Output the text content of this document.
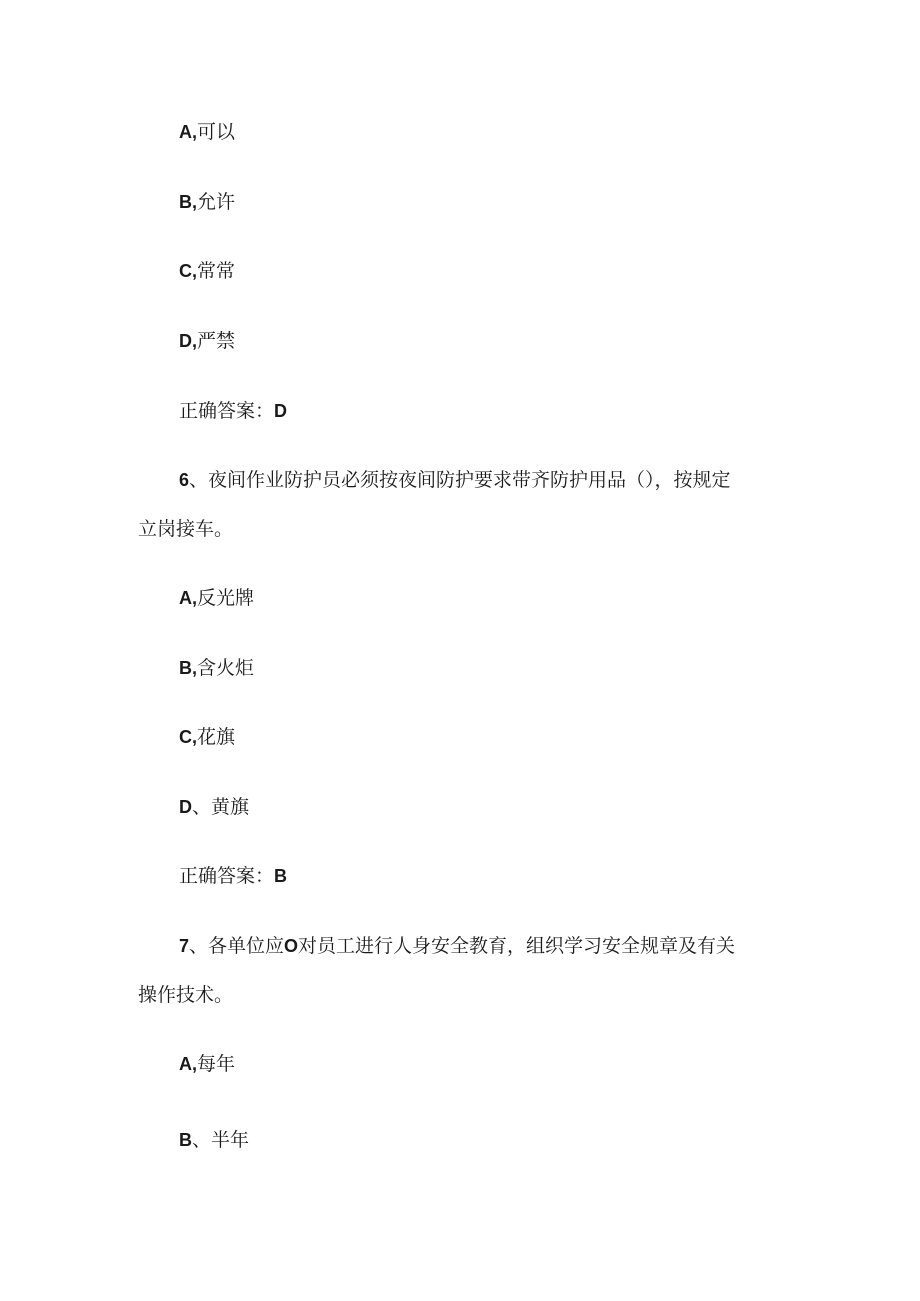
A,可以
B,允许
C,常常
D,严禁
正确答案：D
6、夜间作业防护员必须按夜间防护要求带齐防护用品（），按规定
立岗接车。
A,反光牌
B,含火炬
C,花旗
D、黄旗
正确答案：B
7、各单位应O对员工进行人身安全教育，组织学习安全规章及有关
操作技术。
A,每年
B、半年
